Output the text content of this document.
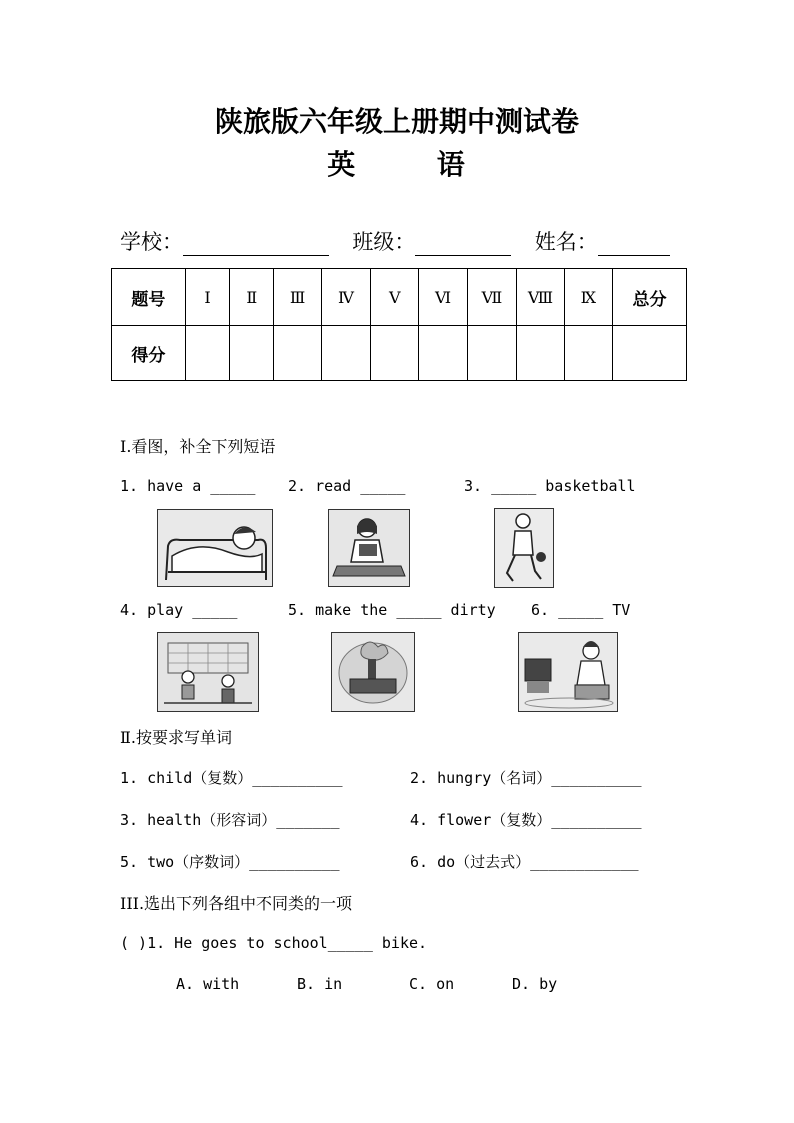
陕旅版六年级上册期中测试卷
英	语
学校：	班级：	姓名：
题号	Ⅰ	Ⅱ	Ⅲ	Ⅳ	Ⅴ	Ⅵ	Ⅶ	Ⅷ	Ⅸ	总分
得分										
I.看图，补全下列短语
1. have a _____ 2. read _____	3. _____ basketball
4. play _____	5. make the _____ dirty 6. _____ TV
Ⅱ.按要求写单词
1. child（复数）__________	2. hungry（名词）__________
3. health（形容词）_______	4. flower（复数）__________
5. two（序数词）__________	6. do（过去式）____________
III.选出下列各组中不同类的一项
( )1. He goes to school_____ bike.
A. with	B. in	C. on	D. by
